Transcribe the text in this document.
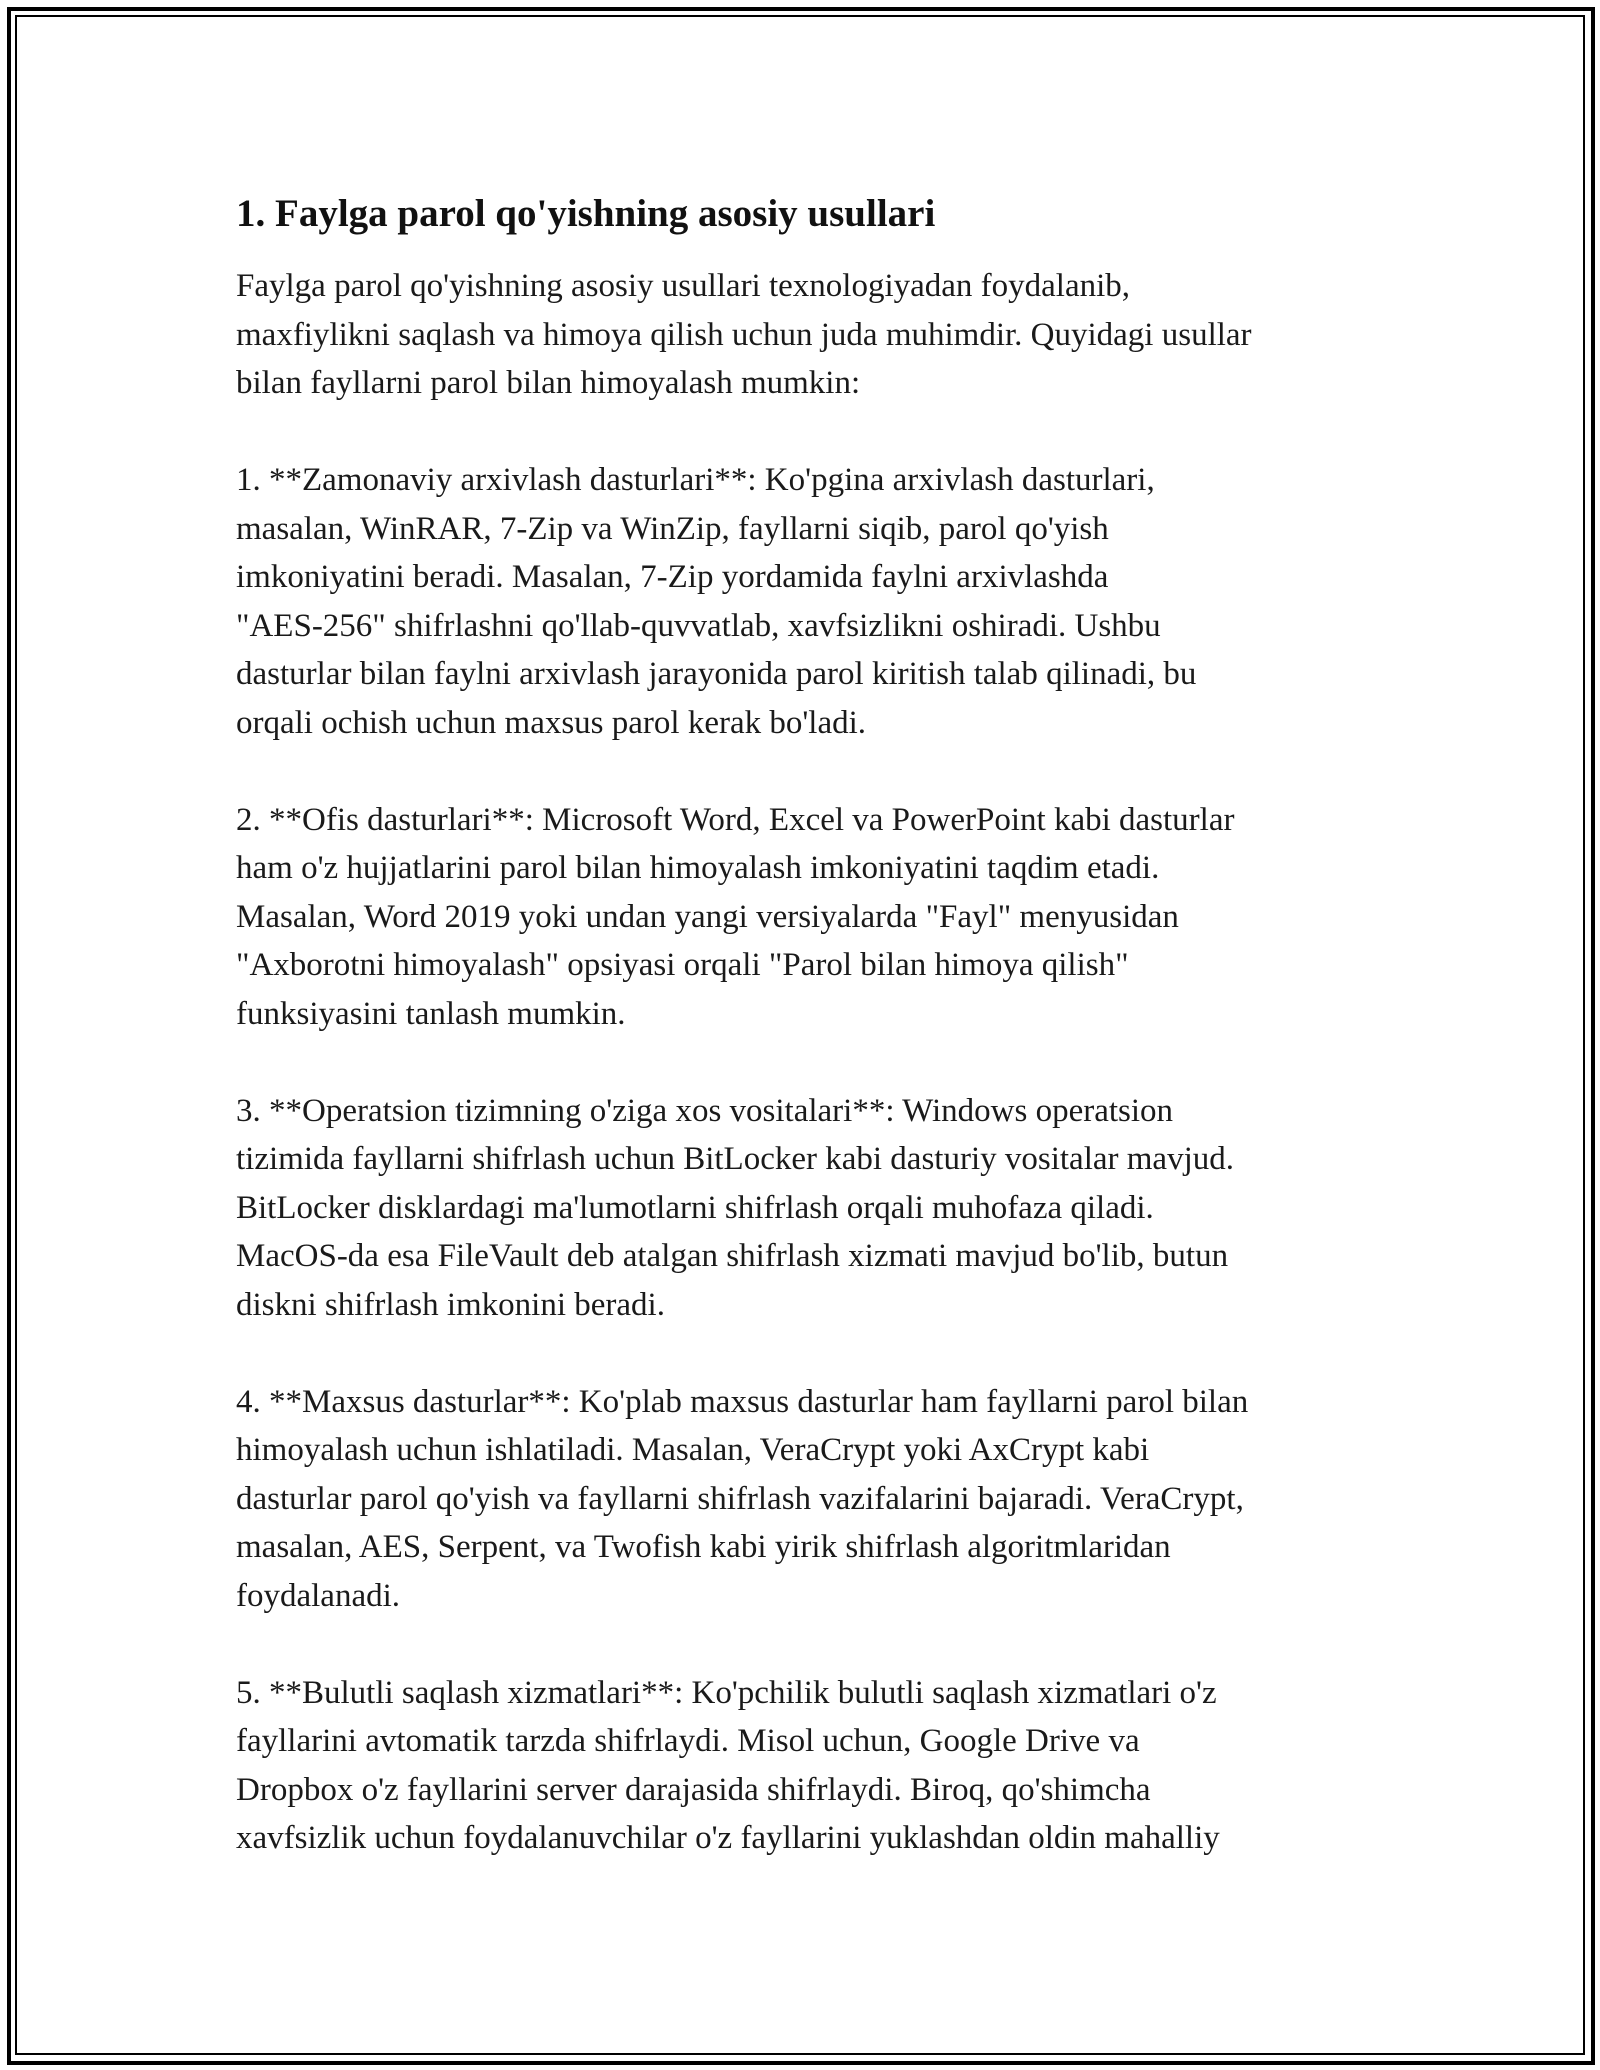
1. Faylga parol qo'yishning asosiy usullari
Faylga parol qo'yishning asosiy usullari texnologiyadan foydalanib,
maxfiylikni saqlash va himoya qilish uchun juda muhimdir. Quyidagi usullar
bilan fayllarni parol bilan himoyalash mumkin:
1. **Zamonaviy arxivlash dasturlari**: Ko'pgina arxivlash dasturlari,
masalan, WinRAR, 7-Zip va WinZip, fayllarni siqib, parol qo'yish
imkoniyatini beradi. Masalan, 7-Zip yordamida faylni arxivlashda
"AES-256" shifrlashni qo'llab-quvvatlab, xavfsizlikni oshiradi. Ushbu
dasturlar bilan faylni arxivlash jarayonida parol kiritish talab qilinadi, bu
orqali ochish uchun maxsus parol kerak bo'ladi.
2. **Ofis dasturlari**: Microsoft Word, Excel va PowerPoint kabi dasturlar
ham o'z hujjatlarini parol bilan himoyalash imkoniyatini taqdim etadi.
Masalan, Word 2019 yoki undan yangi versiyalarda "Fayl" menyusidan
"Axborotni himoyalash" opsiyasi orqali "Parol bilan himoya qilish"
funksiyasini tanlash mumkin.
3. **Operatsion tizimning o'ziga xos vositalari**: Windows operatsion
tizimida fayllarni shifrlash uchun BitLocker kabi dasturiy vositalar mavjud.
BitLocker disklardagi ma'lumotlarni shifrlash orqali muhofaza qiladi.
MacOS-da esa FileVault deb atalgan shifrlash xizmati mavjud bo'lib, butun
diskni shifrlash imkonini beradi.
4. **Maxsus dasturlar**: Ko'plab maxsus dasturlar ham fayllarni parol bilan
himoyalash uchun ishlatiladi. Masalan, VeraCrypt yoki AxCrypt kabi
dasturlar parol qo'yish va fayllarni shifrlash vazifalarini bajaradi. VeraCrypt,
masalan, AES, Serpent, va Twofish kabi yirik shifrlash algoritmlaridan
foydalanadi.
5. **Bulutli saqlash xizmatlari**: Ko'pchilik bulutli saqlash xizmatlari o'z
fayllarini avtomatik tarzda shifrlaydi. Misol uchun, Google Drive va
Dropbox o'z fayllarini server darajasida shifrlaydi. Biroq, qo'shimcha
xavfsizlik uchun foydalanuvchilar o'z fayllarini yuklashdan oldin mahalliy
